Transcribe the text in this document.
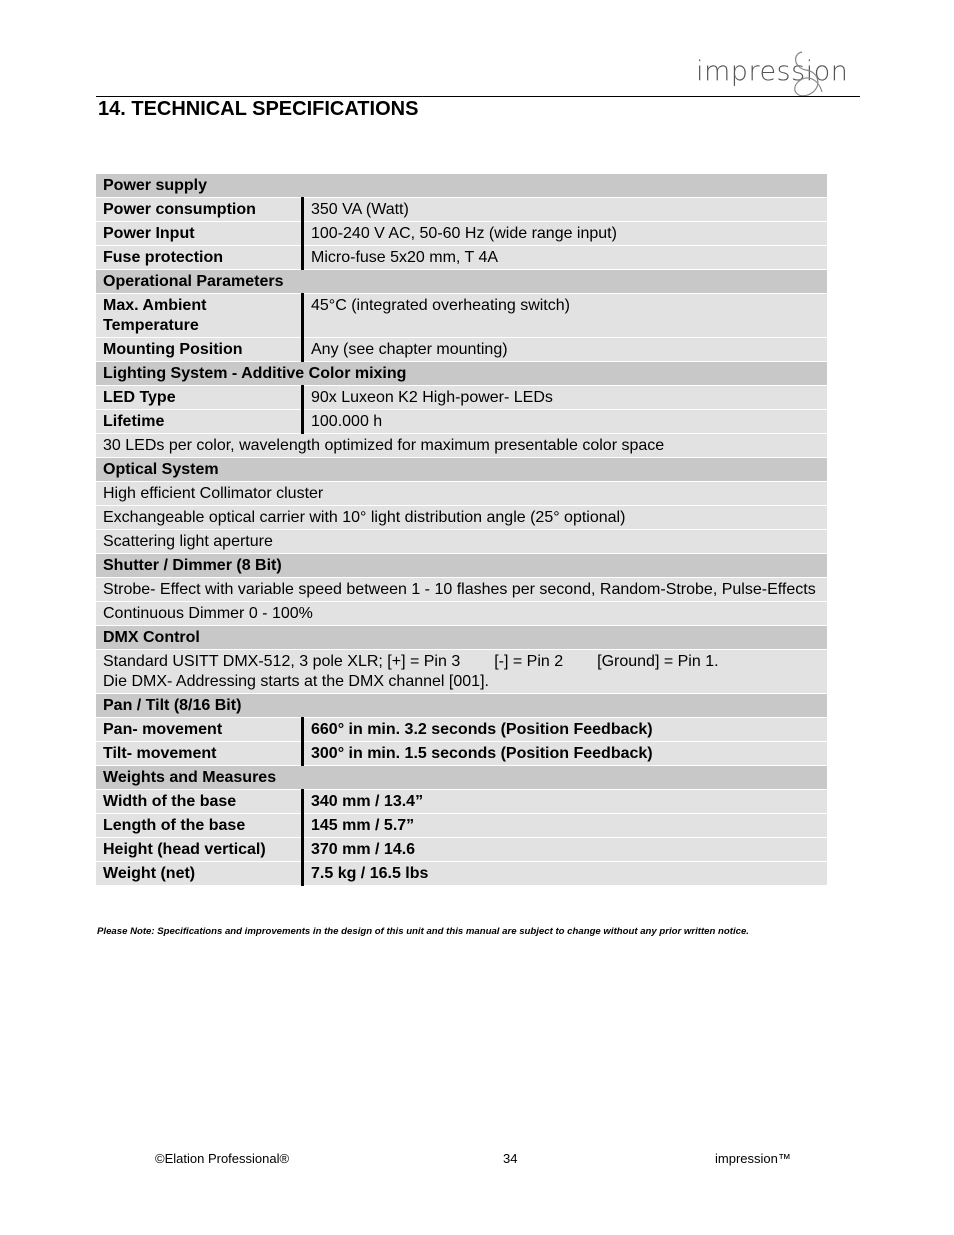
impression
14. TECHNICAL SPECIFICATIONS
Power supply	
Power consumption	350 VA (Watt)
Power Input	100-240 V AC, 50-60 Hz (wide range input)
Fuse protection	Micro-fuse 5x20 mm, T 4A
Operational Parameters	
Max. Ambient Temperature	45°C (integrated overheating switch)
Mounting Position	Any (see chapter mounting)
Lighting System - Additive Color mixing	
LED Type	90x Luxeon K2 High-power- LEDs
Lifetime	100.000 h
30 LEDs per color, wavelength optimized for maximum presentable color space	
Optical System	
High efficient Collimator cluster	
Exchangeable optical carrier with 10° light distribution angle (25° optional)	
Scattering light aperture	
Shutter / Dimmer (8 Bit)	
Strobe- Effect with variable speed between 1 - 10 flashes per second, Random-Strobe, Pulse-Effects	
Continuous Dimmer 0 - 100%	
DMX Control	
Standard USITT DMX-512, 3 pole XLR; [+] = Pin 3 [-] = Pin 2 [Ground] = Pin 1.
Die DMX- Addressing starts at the DMX channel [001].	
Pan / Tilt (8/16 Bit)	
Pan- movement	660° in min. 3.2 seconds (Position Feedback)
Tilt- movement	300° in min. 1.5 seconds (Position Feedback)
Weights and Measures	
Width of the base	340 mm / 13.4”
Length of the base	145 mm / 5.7”
Height (head vertical)	370 mm / 14.6
Weight (net)	7.5 kg / 16.5 lbs

Please Note: Specifications and improvements in the design of this unit and this manual are subject to change without any prior written notice.

©Elation Professional®	34	impression™
